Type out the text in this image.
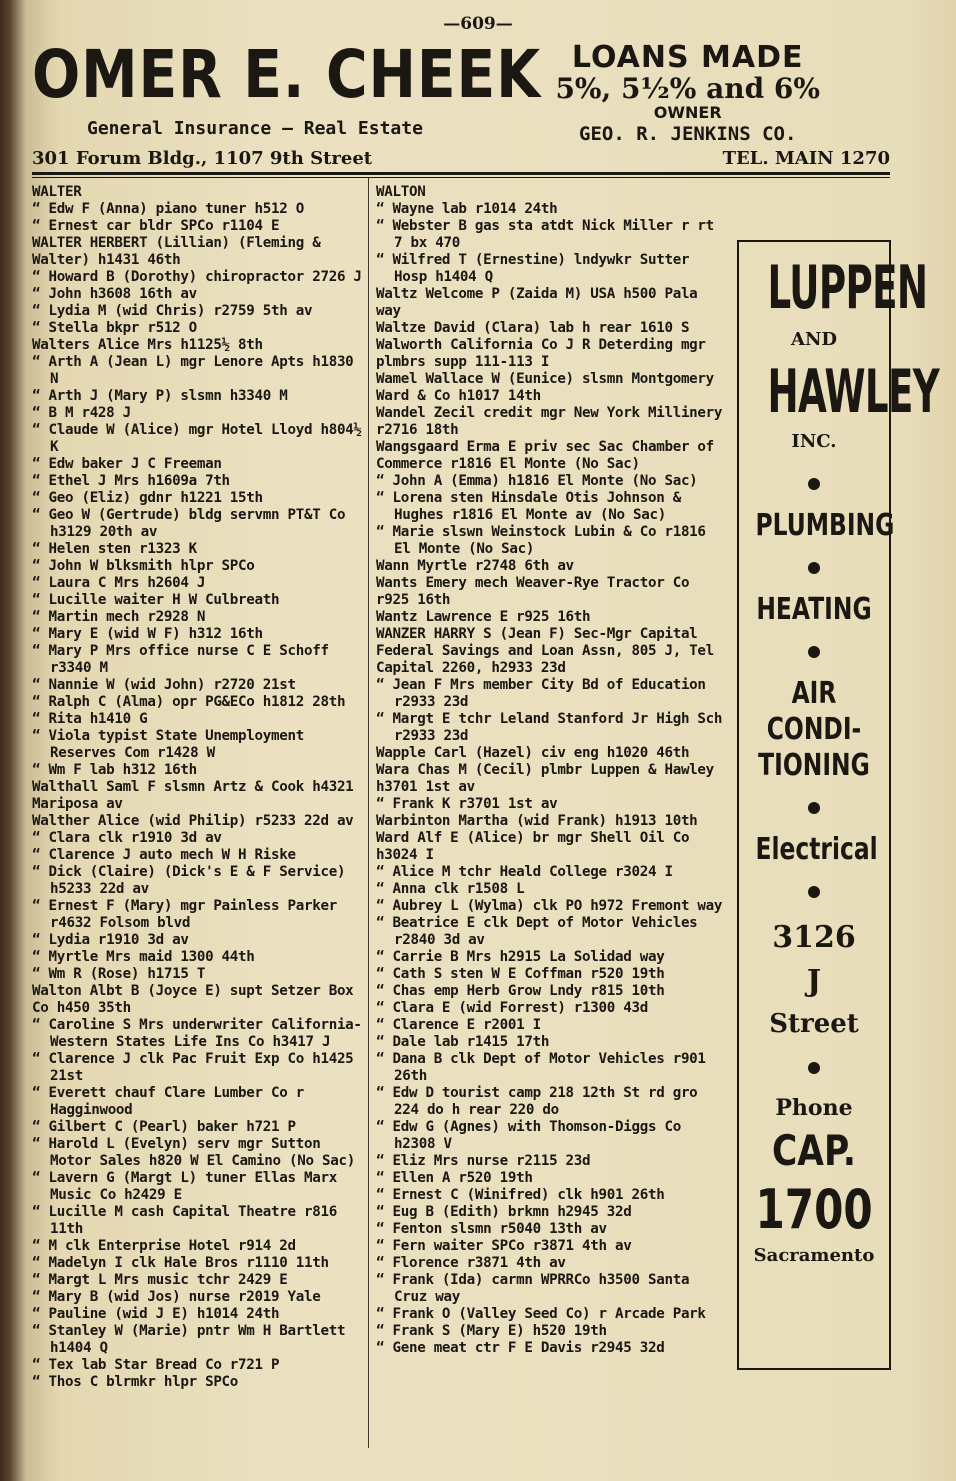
—609—
OMER E. CHEEK
General Insurance — Real Estate
301 Forum Bldg., 1107 9th Street
LOANS MADE
5%, 5½% and 6%
OWNER
GEO. R. JENKINS CO.
TEL. MAIN 1270

WALTER

“ Edw F (Anna) piano tuner h512 O

“ Ernest car bldr SPCo r1104 E

WALTER HERBERT (Lillian) (Fleming & Walter) h1431 46th

“ Howard B (Dorothy) chiropractor 2726 J

“ John h3608 16th av

“ Lydia M (wid Chris) r2759 5th av

“ Stella bkpr r512 O

Walters Alice Mrs h1125½ 8th

“ Arth A (Jean L) mgr Lenore Apts h1830 N

“ Arth J (Mary P) slsmn h3340 M

“ B M r428 J

“ Claude W (Alice) mgr Hotel Lloyd h804½ K

“ Edw baker J C Freeman

“ Ethel J Mrs h1609a 7th

“ Geo (Eliz) gdnr h1221 15th

“ Geo W (Gertrude) bldg servmn PT&T Co h3129 20th av

“ Helen sten r1323 K

“ John W blksmith hlpr SPCo

“ Laura C Mrs h2604 J

“ Lucille waiter H W Culbreath

“ Martin mech r2928 N

“ Mary E (wid W F) h312 16th

“ Mary P Mrs office nurse C E Schoff r3340 M

“ Nannie W (wid John) r2720 21st

“ Ralph C (Alma) opr PG&ECo h1812 28th

“ Rita h1410 G

“ Viola typist State Unemployment Reserves Com r1428 W

“ Wm F lab h312 16th

Walthall Saml F slsmn Artz & Cook h4321 Mariposa av

Walther Alice (wid Philip) r5233 22d av

“ Clara clk r1910 3d av

“ Clarence J auto mech W H Riske

“ Dick (Claire) (Dick's E & F Service) h5233 22d av

“ Ernest F (Mary) mgr Painless Parker r4632 Folsom blvd

“ Lydia r1910 3d av

“ Myrtle Mrs maid 1300 44th

“ Wm R (Rose) h1715 T

Walton Albt B (Joyce E) supt Setzer Box Co h450 35th

“ Caroline S Mrs underwriter California-Western States Life Ins Co h3417 J

“ Clarence J clk Pac Fruit Exp Co h1425 21st

“ Everett chauf Clare Lumber Co r Hagginwood

“ Gilbert C (Pearl) baker h721 P

“ Harold L (Evelyn) serv mgr Sutton Motor Sales h820 W El Camino (No Sac)

“ Lavern G (Margt L) tuner Ellas Marx Music Co h2429 E

“ Lucille M cash Capital Theatre r816 11th

“ M clk Enterprise Hotel r914 2d

“ Madelyn I clk Hale Bros r1110 11th

“ Margt L Mrs music tchr 2429 E

“ Mary B (wid Jos) nurse r2019 Yale

“ Pauline (wid J E) h1014 24th

“ Stanley W (Marie) pntr Wm H Bartlett h1404 Q

“ Tex lab Star Bread Co r721 P

“ Thos C blrmkr hlpr SPCo

WALTON

“ Wayne lab r1014 24th

“ Webster B gas sta atdt Nick Miller r rt 7 bx 470

“ Wilfred T (Ernestine) lndywkr Sutter Hosp h1404 Q

Waltz Welcome P (Zaida M) USA h500 Pala way

Waltze David (Clara) lab h rear 1610 S

Walworth California Co J R Deterding mgr plmbrs supp 111-113 I

Wamel Wallace W (Eunice) slsmn Montgomery Ward & Co h1017 14th

Wandel Zecil credit mgr New York Millinery r2716 18th

Wangsgaard Erma E priv sec Sac Chamber of Commerce r1816 El Monte (No Sac)

“ John A (Emma) h1816 El Monte (No Sac)

“ Lorena sten Hinsdale Otis Johnson & Hughes r1816 El Monte av (No Sac)

“ Marie slswn Weinstock Lubin & Co r1816 El Monte (No Sac)

Wann Myrtle r2748 6th av

Wants Emery mech Weaver-Rye Tractor Co r925 16th

Wantz Lawrence E r925 16th

WANZER HARRY S (Jean F) Sec-Mgr Capital Federal Savings and Loan Assn, 805 J, Tel Capital 2260, h2933 23d

“ Jean F Mrs member City Bd of Education r2933 23d

“ Margt E tchr Leland Stanford Jr High Sch r2933 23d

Wapple Carl (Hazel) civ eng h1020 46th

Wara Chas M (Cecil) plmbr Luppen & Hawley h3701 1st av

“ Frank K r3701 1st av

Warbinton Martha (wid Frank) h1913 10th

Ward Alf E (Alice) br mgr Shell Oil Co h3024 I

“ Alice M tchr Heald College r3024 I

“ Anna clk r1508 L

“ Aubrey L (Wylma) clk PO h972 Fremont way

“ Beatrice E clk Dept of Motor Vehicles r2840 3d av

“ Carrie B Mrs h2915 La Solidad way

“ Cath S sten W E Coffman r520 19th

“ Chas emp Herb Grow Lndy r815 10th

“ Clara E (wid Forrest) r1300 43d

“ Clarence E r2001 I

“ Dale lab r1415 17th

“ Dana B clk Dept of Motor Vehicles r901 26th

“ Edw D tourist camp 218 12th St rd gro 224 do h rear 220 do

“ Edw G (Agnes) with Thomson-Diggs Co h2308 V

“ Eliz Mrs nurse r2115 23d

“ Ellen A r520 19th

“ Ernest C (Winifred) clk h901 26th

“ Eug B (Edith) brkmn h2945 32d

“ Fenton slsmn r5040 13th av

“ Fern waiter SPCo r3871 4th av

“ Florence r3871 4th av

“ Frank (Ida) carmn WPRRCo h3500 Santa Cruz way

“ Frank O (Valley Seed Co) r Arcade Park

“ Frank S (Mary E) h520 19th

“ Gene meat ctr F E Davis r2945 32d

LUPPEN
AND
HAWLEY
INC.
PLUMBING
HEATING
AIR
CONDI-
TIONING
Electrical
3126
J
Street
Phone
CAP.
1700
Sacramento
